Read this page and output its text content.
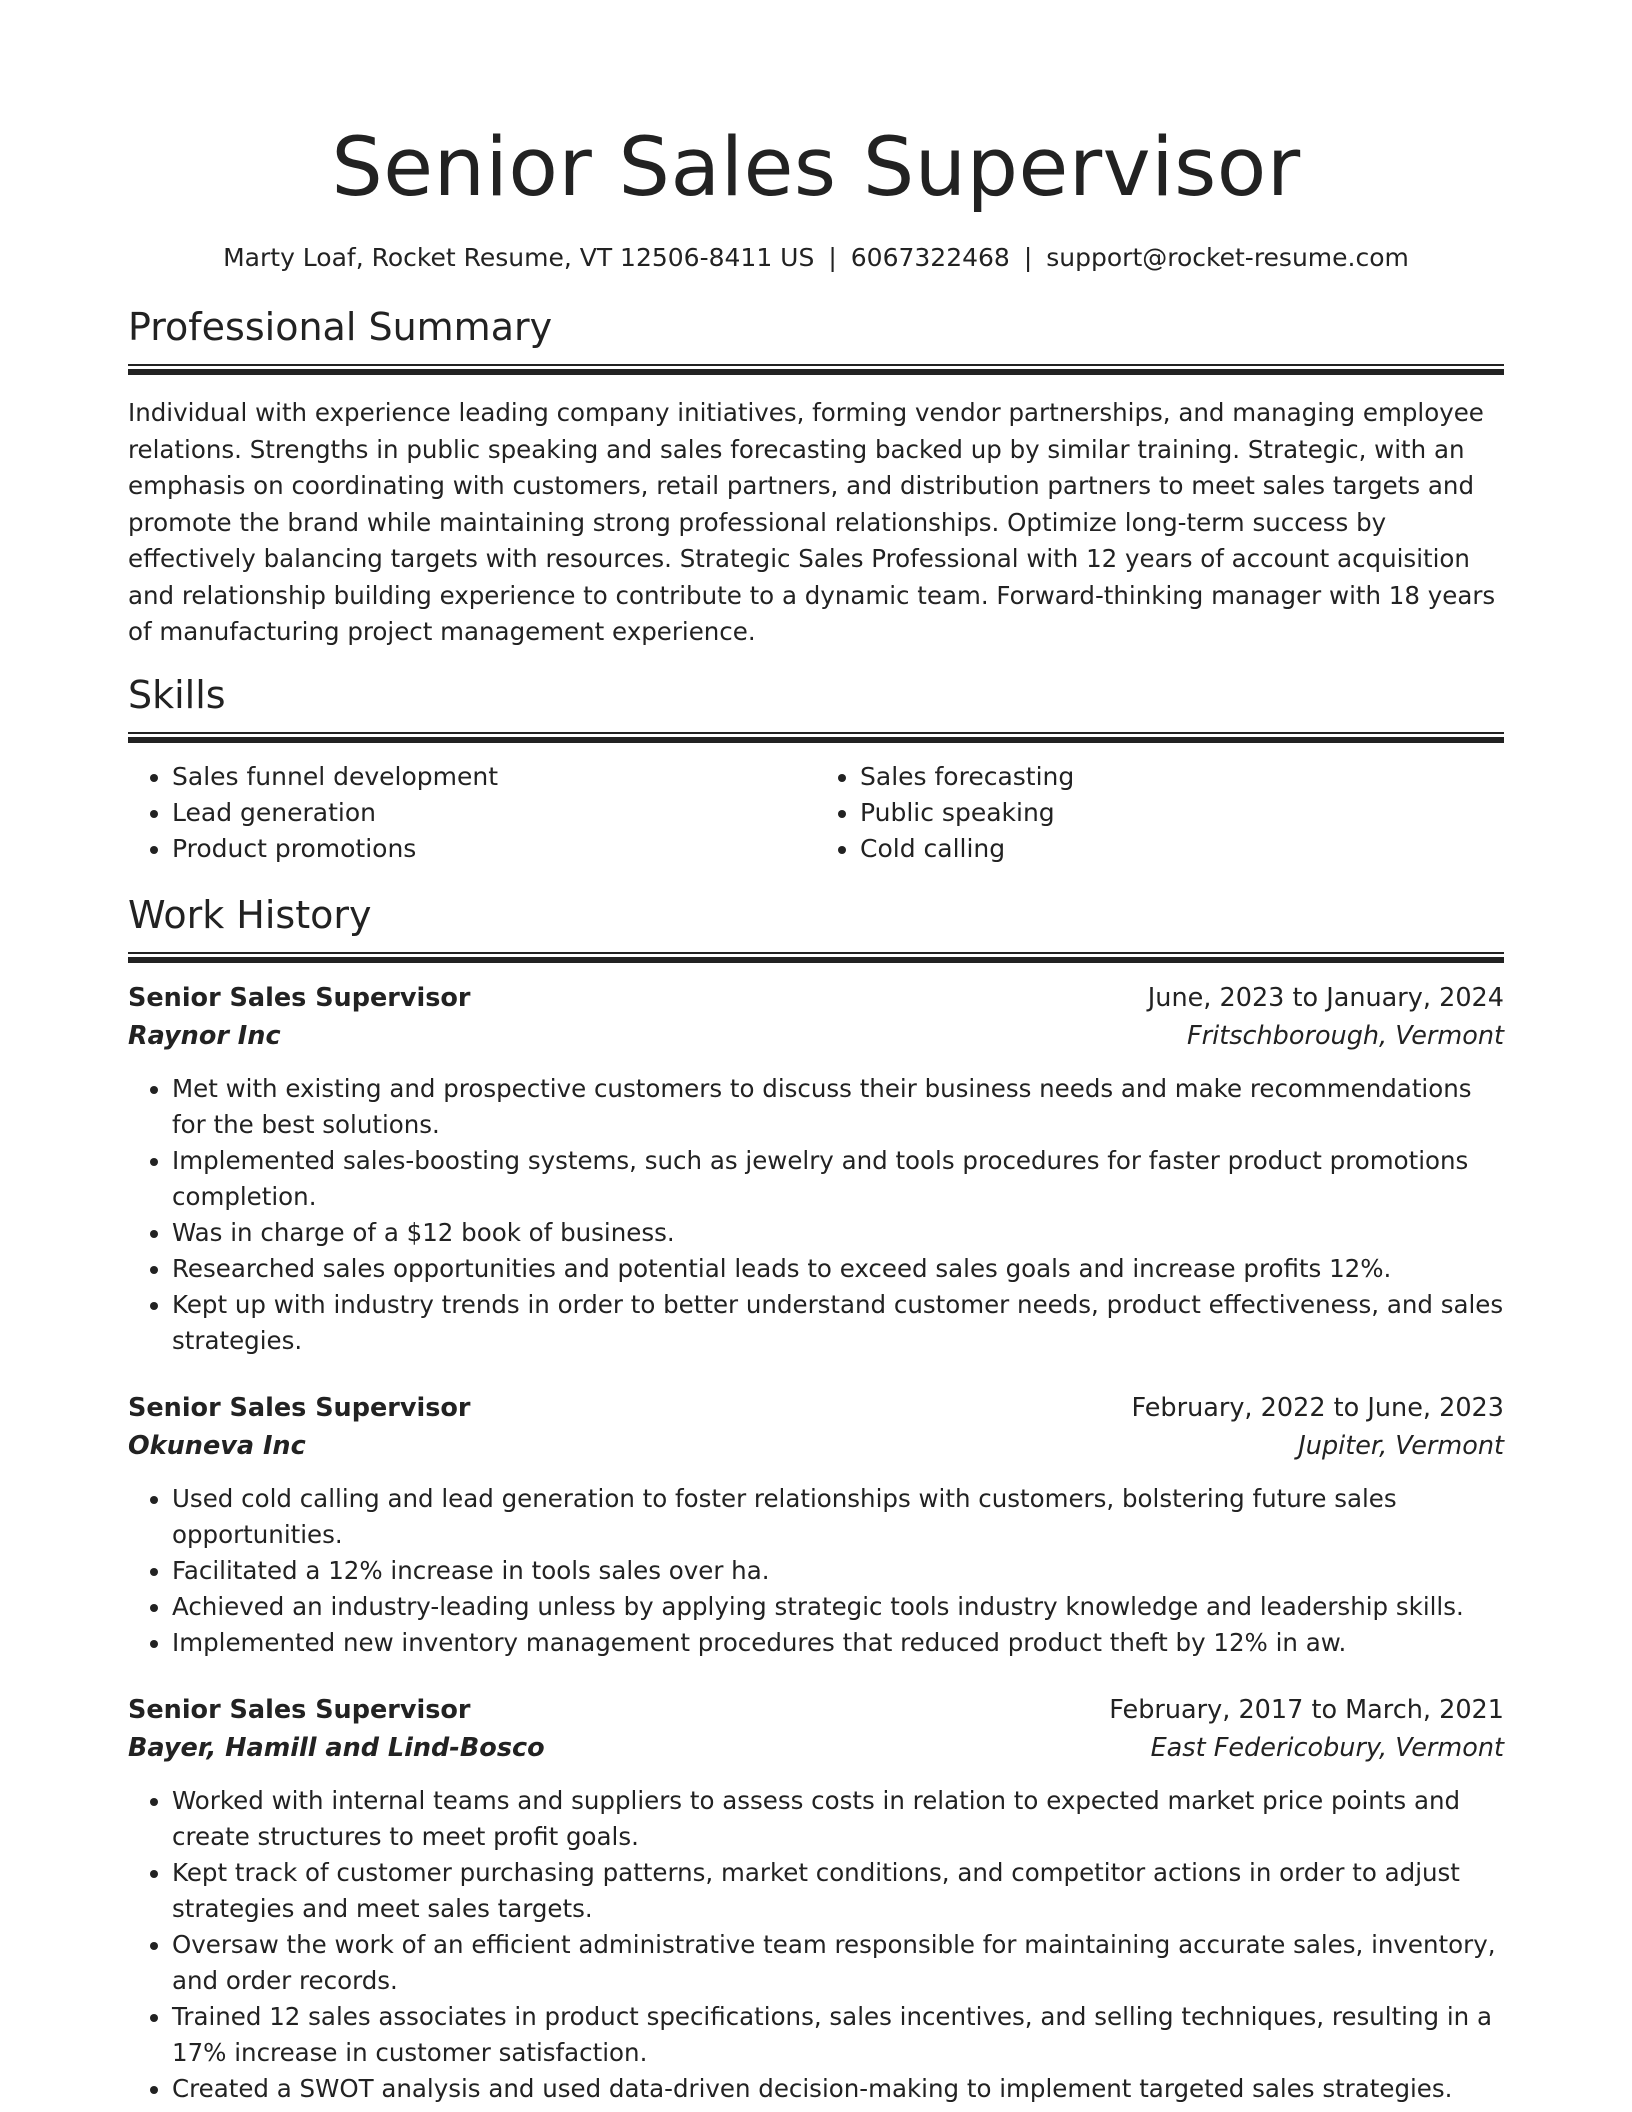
Senior Sales Supervisor
Marty Loaf, Rocket Resume, VT 12506-8411 US | 6067322468 | support@rocket-resume.com
Professional Summary

Individual with experience leading company initiatives, forming vendor partnerships, and managing employee relations. Strengths in public speaking and sales forecasting backed up by similar training. Strategic, with an emphasis on coordinating with customers, retail partners, and distribution partners to meet sales targets and promote the brand while maintaining strong professional relationships. Optimize long-term success by effectively balancing targets with resources. Strategic Sales Professional with 12 years of account acquisition and relationship building experience to contribute to a dynamic team. Forward-thinking manager with 18 years of manufacturing project management experience.

Skills
• Sales funnel development
• Lead generation
• Product promotions
• Sales forecasting
• Public speaking
• Cold calling
Work History
Senior Sales Supervisor	June, 2023 to January, 2024
Raynor Inc	Fritschborough, Vermont
• Met with existing and prospective customers to discuss their business needs and make recommendations for the best solutions.
• Implemented sales-boosting systems, such as jewelry and tools procedures for faster product promotions completion.
• Was in charge of a $12 book of business.
• Researched sales opportunities and potential leads to exceed sales goals and increase profits 12%.
• Kept up with industry trends in order to better understand customer needs, product effectiveness, and sales strategies.
Senior Sales Supervisor	February, 2022 to June, 2023
Okuneva Inc	Jupiter, Vermont
• Used cold calling and lead generation to foster relationships with customers, bolstering future sales opportunities.
• Facilitated a 12% increase in tools sales over ha.
• Achieved an industry-leading unless by applying strategic tools industry knowledge and leadership skills.
• Implemented new inventory management procedures that reduced product theft by 12% in aw.
Senior Sales Supervisor	February, 2017 to March, 2021
Bayer, Hamill and Lind-Bosco	East Federicobury, Vermont
• Worked with internal teams and suppliers to assess costs in relation to expected market price points and create structures to meet profit goals.
• Kept track of customer purchasing patterns, market conditions, and competitor actions in order to adjust strategies and meet sales targets.
• Oversaw the work of an efficient administrative team responsible for maintaining accurate sales, inventory, and order records.
• Trained 12 sales associates in product specifications, sales incentives, and selling techniques, resulting in a 17% increase in customer satisfaction.
• Created a SWOT analysis and used data-driven decision-making to implement targeted sales strategies.
